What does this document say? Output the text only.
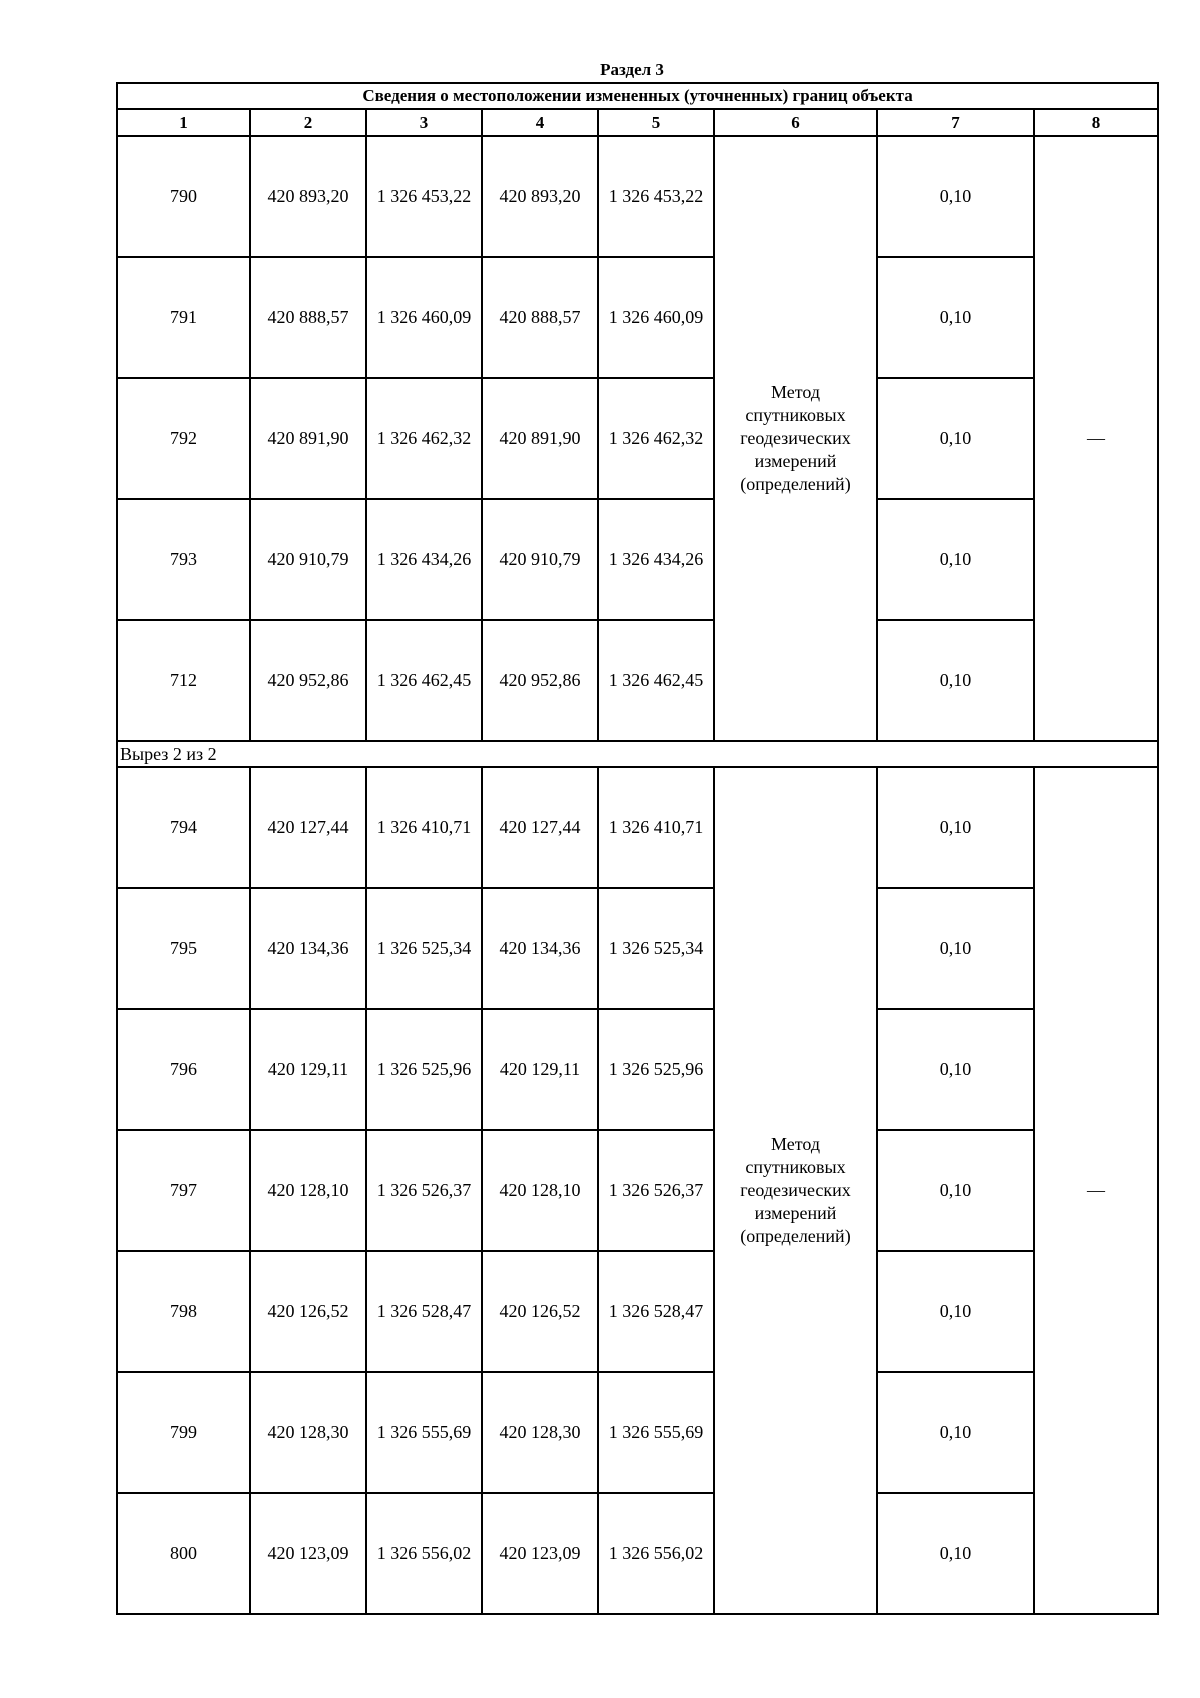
Раздел 3
Сведения о местоположении измененных (уточненных) границ объекта							
1	2	3	4	5	6	7	8
790	420 893,20	1 326 453,22	420 893,20	1 326 453,22	Метод спутниковых геодезических измерений (определений)	0,10	—
791	420 888,57	1 326 460,09	420 888,57	1 326 460,09		0,10	
792	420 891,90	1 326 462,32	420 891,90	1 326 462,32		0,10	
793	420 910,79	1 326 434,26	420 910,79	1 326 434,26		0,10	
712	420 952,86	1 326 462,45	420 952,86	1 326 462,45		0,10	
Вырез 2 из 2							
794	420 127,44	1 326 410,71	420 127,44	1 326 410,71	Метод спутниковых геодезических измерений (определений)	0,10	—
795	420 134,36	1 326 525,34	420 134,36	1 326 525,34		0,10	
796	420 129,11	1 326 525,96	420 129,11	1 326 525,96		0,10	
797	420 128,10	1 326 526,37	420 128,10	1 326 526,37		0,10	
798	420 126,52	1 326 528,47	420 126,52	1 326 528,47		0,10	
799	420 128,30	1 326 555,69	420 128,30	1 326 555,69		0,10	
800	420 123,09	1 326 556,02	420 123,09	1 326 556,02		0,10	
